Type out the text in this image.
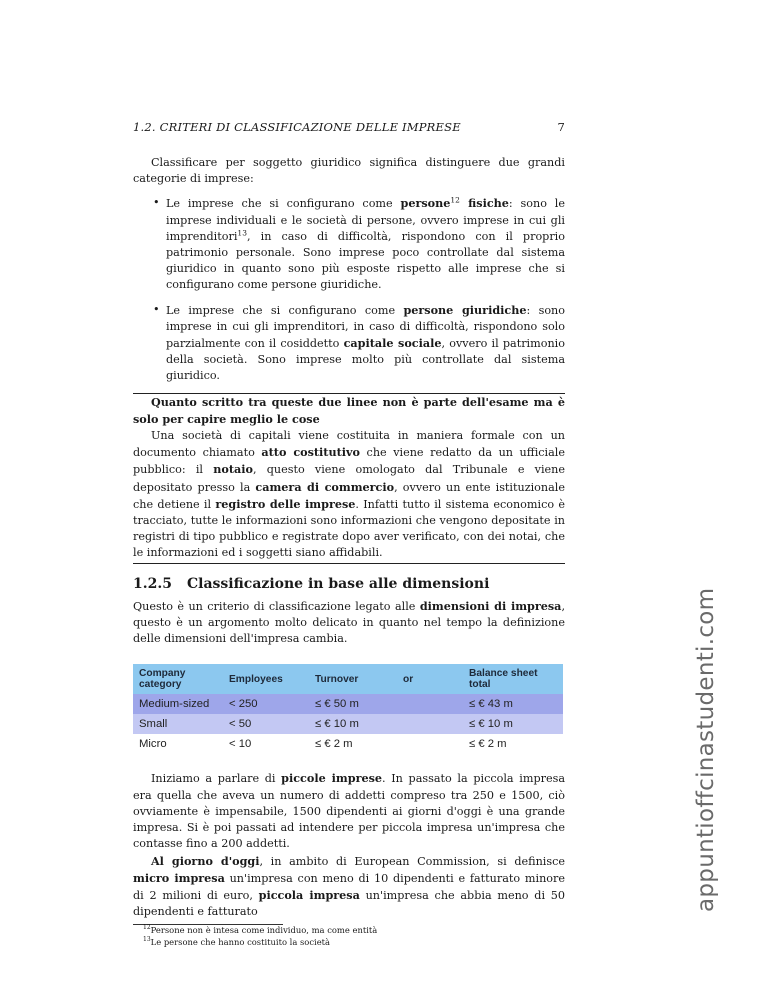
1.2. CRITERI DI CLASSIFICAZIONE DELLE IMPRESE	7

Classificare per soggetto giuridico significa distinguere due grandi categorie di imprese:

• Le imprese che si configurano come persone$^{12}$ fisiche: sono le imprese individuali e le società di persone, ovvero imprese in cui gli imprenditori$^{13}$, in caso di difficoltà, rispondono con il proprio patrimonio personale. Sono imprese poco controllate dal sistema giuridico in quanto sono più esposte rispetto alle imprese che si configurano come persone giuridiche.
• Le imprese che si configurano come persone giuridiche: sono imprese in cui gli imprenditori, in caso di difficoltà, rispondono solo parzialmente con il cosiddetto capitale sociale, ovvero il patrimonio della società. Sono imprese molto più controllate dal sistema giuridico.

Quanto scritto tra queste due linee non è parte dell'esame ma è solo per capire meglio le cose

Una società di capitali viene costituita in maniera formale con un documento chiamato atto costitutivo che viene redatto da un ufficiale pubblico: il notaio, questo viene omologato dal Tribunale e viene depositato presso la camera di commercio, ovvero un ente istituzionale che detiene il registro delle imprese. Infatti tutto il sistema economico è tracciato, tutte le informazioni sono informazioni che vengono depositate in registri di tipo pubblico e registrate dopo aver verificato, con dei notai, che le informazioni ed i soggetti siano affidabili.

1.2.5 Classificazione in base alle dimensioni

Questo è un criterio di classificazione legato alle dimensioni di impresa, questo è un argomento molto delicato in quanto nel tempo la definizione delle dimensioni dell'impresa cambia.

Company
category	Employees	Turnover	or	Balance sheet
total
Medium-sized	< 250	≤ € 50 m		≤ € 43 m
Small	< 50	≤ € 10 m		≤ € 10 m
Micro	< 10	≤ € 2 m		≤ € 2 m

Iniziamo a parlare di piccole imprese. In passato la piccola impresa era quella che aveva un numero di addetti compreso tra 250 e 1500, ciò ovviamente è impensabile, 1500 dipendenti ai giorni d'oggi è una grande impresa. Si è poi passati ad intendere per piccola impresa un'impresa che contasse fino a 200 addetti.

Al giorno d'oggi, in ambito di European Commission, si definisce micro impresa un'impresa con meno di 10 dipendenti e fatturato minore di 2 milioni di euro, piccola impresa un'impresa che abbia meno di 50 dipendenti e fatturato

$^{12}$Persone non è intesa come individuo, ma come entità
$^{13}$Le persone che hanno costituito la società
appuntioffcinastudenti.com
